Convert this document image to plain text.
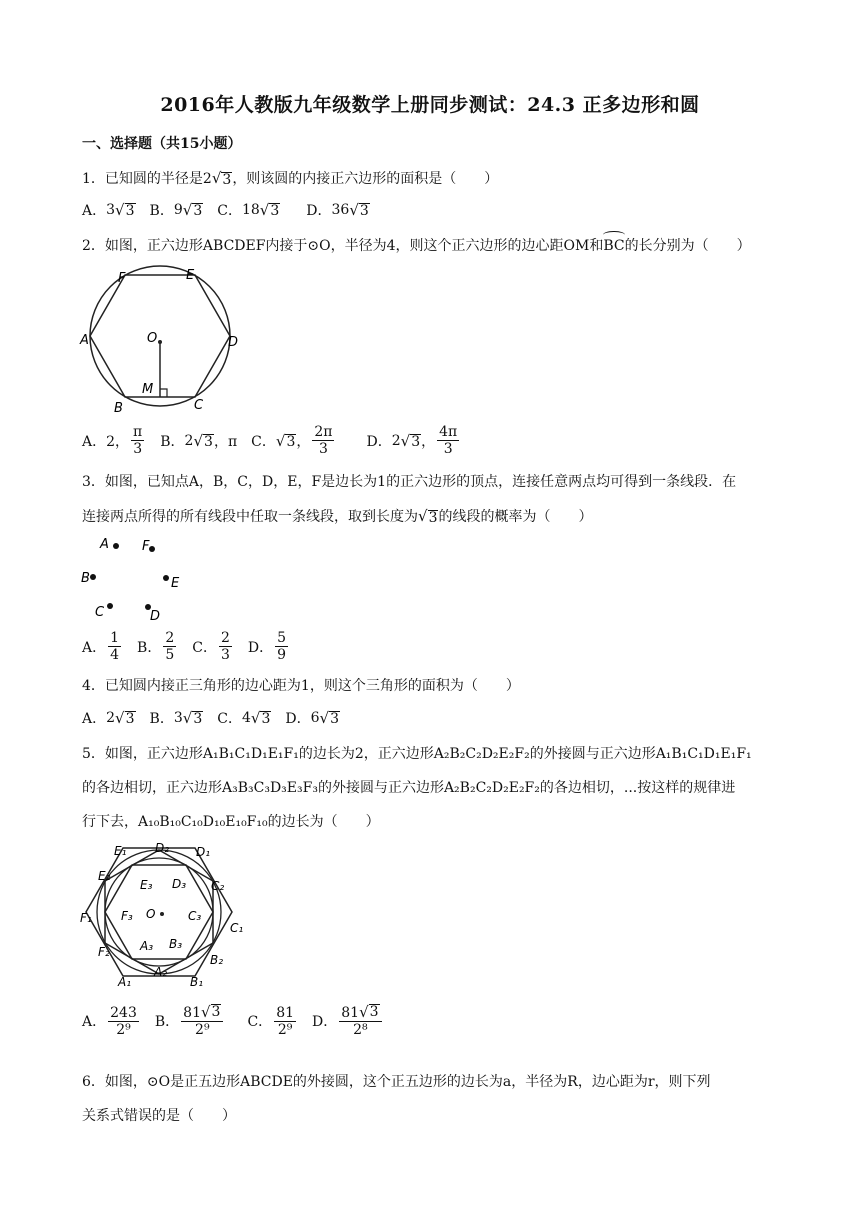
2016年人教版九年级数学上册同步测试：24.3 正多边形和圆
一、选择题（共15小题）
1．已知圆的半径是2 √ 3 ，则该圆的内接正六边形的面积是（　　）
A． 3 √ 3 B． 9 √ 3 C． 18 √ 3 D． 36 √ 3
2．如图，正六边形ABCDEF内接于⊙O，半径为4，则这个正六边形的边心距OM和BC的长分别为（　　）
F	E
A	D
O
M
B	C
A． 2， $\frac{\pi}{3}$ B． 2 √ 3 ，π C． √ 3 ， $\frac{2\pi}{3}$ D． 2 √ 3 ， $\frac{4\pi}{3}$
3．如图，已知点A，B，C，D，E，F是边长为1的正六边形的顶点，连接任意两点均可得到一条线段．在
连接两点所得的所有线段中任取一条线段，取到长度为 √ 3 的线段的概率为（　　）
A	F
B	E
C	D
A． $\frac{1}{4}$ B． $\frac{2}{5}$ C． $\frac{2}{3}$ D． $\frac{5}{9}$
4．已知圆内接正三角形的边心距为1，则这个三角形的面积为（　　）
A． 2 √ 3 B． 3 √ 3 C． 4 √ 3 D． 6 √ 3
5．如图，正六边形A₁B₁C₁D₁E₁F₁的边长为2，正六边形A₂B₂C₂D₂E₂F₂的外接圆与正六边形A₁B₁C₁D₁E₁F₁
的各边相切，正六边形A₃B₃C₃D₃E₃F₃的外接圆与正六边形A₂B₂C₂D₂E₂F₂的各边相切，...按这样的规律进
行下去，A₁₀B₁₀C₁₀D₁₀E₁₀F₁₀的边长为（　　）
E₁ D₂ D₁
E₂
E₃ D₃ C₂
F₃ O	C₃
C₁
F₁
A₃ B₃
F₂
B₂
A₁
A₂
B₁
A． $\frac{243}{\text{2⁹}}$ B． $\frac{81 √ 3}{\text{2⁹}}$ C． $\frac{81}{\text{2⁹}}$ D． $\frac{81 √ 3}{\text{2⁸}}$
6．如图，⊙O是正五边形ABCDE的外接圆，这个正五边形的边长为a，半径为R，边心距为r，则下列
关系式错误的是（　　）
